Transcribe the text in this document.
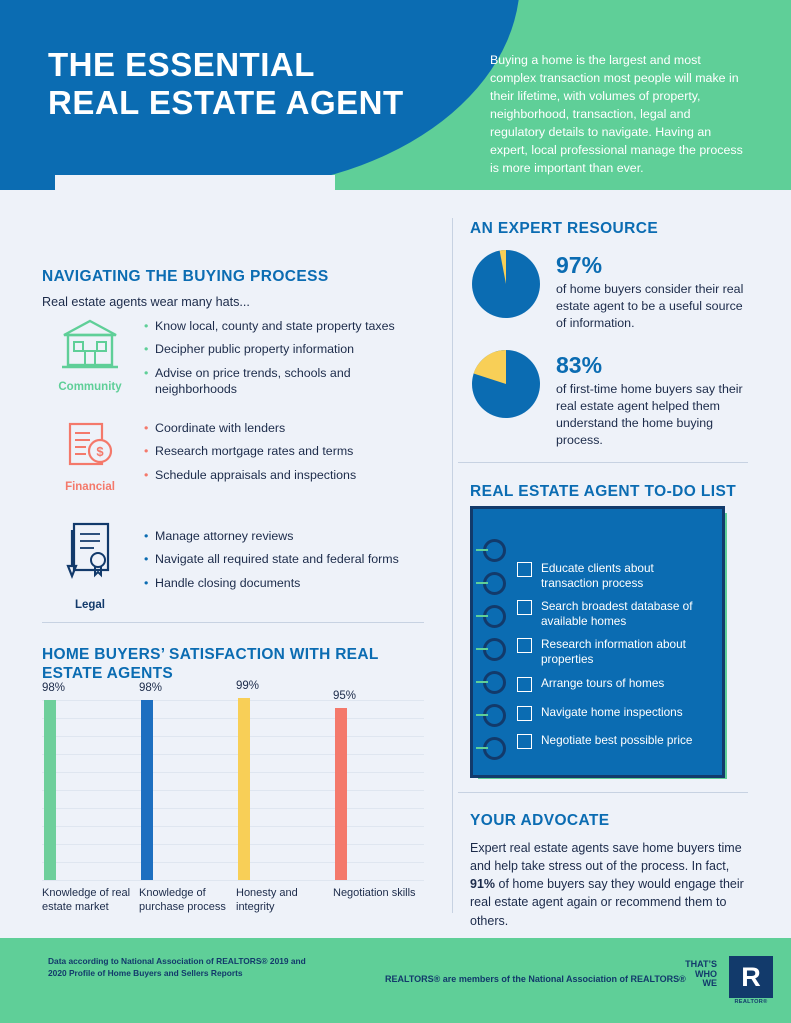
THE ESSENTIAL
REAL ESTATE AGENT
Buying a home is the largest and most complex transaction most people will make in their lifetime, with volumes of property, neighborhood, transaction, legal and regulatory details to navigate. Having an expert, local professional manage the process is more important than ever.
NAVIGATING THE BUYING PROCESS
Real estate agents wear many hats...
Community
• Know local, county and state property taxes
• Decipher public property information
• Advise on price trends, schools and neighborhoods
$
Financial
• Coordinate with lenders
• Research mortgage rates and terms
• Schedule appraisals and inspections
Legal
• Manage attorney reviews
• Navigate all required state and federal forms
• Handle closing documents
HOME BUYERS’ SATISFACTION WITH REAL ESTATE AGENTS
98%	98%	99%
95%
Knowledge of real estate market
Knowledge of purchase process
Honesty and integrity
Negotiation skills
AN EXPERT RESOURCE
97%
of home buyers consider their real estate agent to be a useful source of information.
83%
of first-time home buyers say their real estate agent helped them understand the home buying process.
REAL ESTATE AGENT TO-DO LIST
Educate clients about transaction process
Search broadest database of available homes
Research information about properties
Arrange tours of homes
Navigate home inspections
Negotiate best possible price
YOUR ADVOCATE
Expert real estate agents save home buyers time and help take stress out of the process. In fact, 91% of home buyers say they would engage their real estate agent again or recommend them to others.
Data according to National Association of REALTORS® 2019 and 2020 Profile of Home Buyers and Sellers Reports
REALTORS® are members of the National Association of REALTORS®
THAT’S
WHO
WE R
REALTOR®
